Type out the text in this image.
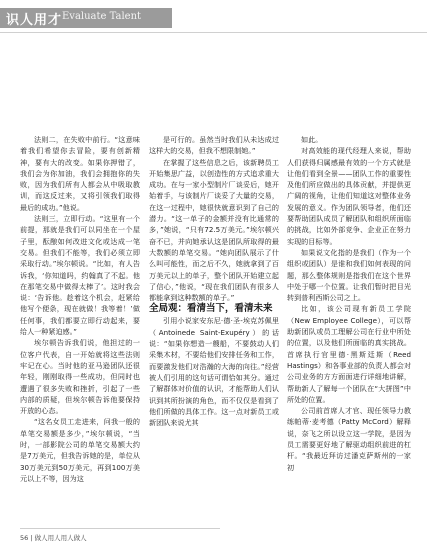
识人用才 Evaluate Talent

法则二，在失败中前行。“这意味着我们希望你去冒险，要有创新精神，要有大的改变。如果你押错了，我们会为你加油，我们会拥抱你的失败，因为我们所有人都会从中吸取教训，而这反过来，又将引领我们取得最后的成功。”他说。

法则三，立即行动。“这里有一个前提，那就是我们可以同坐在一个屋子里，酝酿如何改进文化或达成一笔交易。但我们不能等，我们必须立即采取行动。”埃尔顿说。“比如，有人告诉我，‘你知道吗，约翰真了不起。他在那笔交易中做得太棒了’。这时我会说：‘告诉他。趁着这个机会，赶紧给他写个便条，现在就做！我等着！’做任何事，我们都要立即行动起来，要给人一种紧迫感。”

埃尔顿告诉我们说，他担过的一位客户代表，自一开始就将这些法则牢记在心。当时他的亚马逊团队还很年轻，刚刚取得一些成功，但同时也遭遇了很多失败和挫折，引起了一些内部的质疑，但埃尔顿告诉他要保持开放的心态。

“这名女员工走进来，问我一般的单笔交易额是多少，”埃尔顿说，“当时，一部影院公司的单笔交易额大约是7万美元，但我告诉她的是，单位从30万美元到50万美元，再到100万美元以上不等，因为这

是可行的。虽然当时我们从未达成过这样大的交易，但我不想限制她。”

在掌握了这些信息之后，该新聘员工开始集思广益，以创造性的方式追求重大成功。在与一家小型制片厂谈妥后，她开始着手，与该制片厂谈妥了大量的交易，在这一过程中，她很快就意识到了自己的潜力。“这一单子的金额并没有比通常的多，”她说，“只有72.5万美元。”埃尔顿兴奋不已，并向她承认这是团队所取得的最大数额的单笔交易。“她向团队展示了什么叫可能性，而之后不久，她就拿到了百万美元以上的单子，整个团队开始建立起了信心，”他说，“现在我们团队有很多人都能拿到这种数额的单子。”

全局观：看清当下，看清未来

引用小说家安东尼·德·圣-埃克苏佩里（Antoinede Saint-Exupéry）的话说：“如果你想造一艘船，不要鼓动人们采集木材，不要给他们安排任务和工作，而要激发他们对浩瀚的大海的向往。”经营被人们引用的这句话可谓恰如其分。通过了解群体对价值的认识，才能帮助人们认识到其所扮演的角色，而不仅仅是看到了他们所做的具体工作。这一点对新员工或新团队来说尤其

如此。

对高效能的现代经理人来说，帮助人们获得归属感最有效的一个方式就是让他们看到全景——团队工作的重要性及他们所应做出的具体贡献，并提供更广阔的视角，让他们知道这对整体业务发展的意义。作为团队领导者，他们还要帮助团队成员了解团队和组织所面临的挑战，比如外部竞争、企业正在努力实现的目标等。

如果说文化指的是我们（作为一个组织或团队）是谁和我们如何表现的问题，那么整体规则是指我们在这个世界中处于哪一个位置。让我们暂时把目光转到普利西斯公司之上。

比如，该公司现有新员工学院（New Employee College），可以帮助新团队或员工理解公司在行业中所处的位置，以及他们所面临的真实挑战。首席执行官里德·黑斯廷斯（Reed Hastings）和各事业部的负责人都会对公司业务的方方面面进行详细地讲解，帮助新人了解每一个团队在“大拼图”中所处的位置。

公司前首席人才官、现任领导力教练帕蒂·麦考德（Patty McCord）解释说，奈飞之所以设立这一学院，是因为员工需要更好地了解驱动组织前进的杠杆。“我最近拜访过潘克萨斯州的一家初

56 | 做人用人用人做人
